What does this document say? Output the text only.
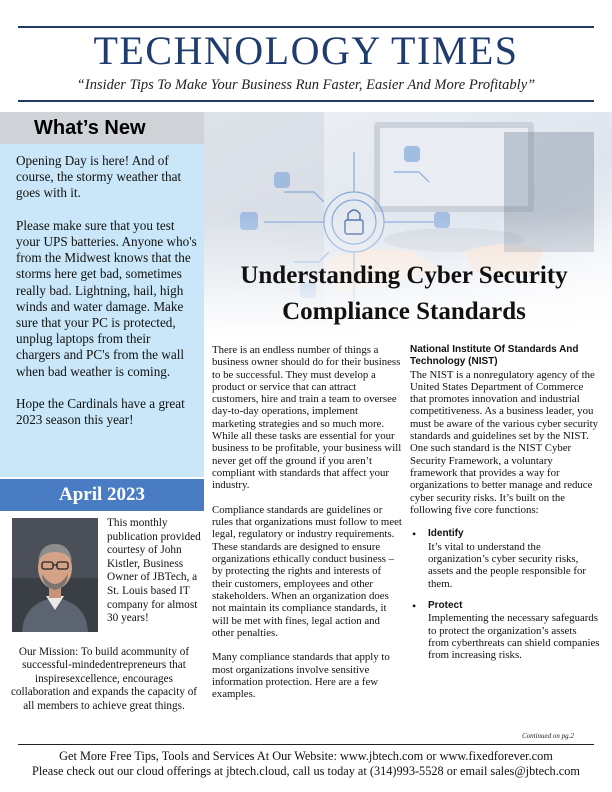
TECHNOLOGY TIMES
“Insider Tips To Make Your Business Run Faster, Easier And More Profitably”
What’s New

Opening Day is here! And of course, the stormy weather that goes with it.

Please make sure that you test your UPS batteries. Anyone who's from the Midwest knows that the storms here get bad, sometimes really bad. Lightning, hail, high winds and water damage. Make sure that your PC is protected, unplug laptops from their chargers and PC's from the wall when bad weather is coming.

Hope the Cardinals have a great 2023 season this year!

April 2023
This monthly publication provided courtesy of John Kistler, Business Owner of JBTech, a St. Louis based IT company for almost 30 years!
Our Mission: To build acommunity of successful-mindedentrepreneurs that inspiresexcellence, encourages collaboration and expands the capacity of all members to achieve great things.
Understanding Cyber Security
Compliance Standards

There is an endless number of things a business owner should do for their business to be successful. They must develop a product or service that can attract customers, hire and train a team to oversee day-to-day operations, implement marketing strategies and so much more. While all these tasks are essential for your business to be profitable, your business will never get off the ground if you aren’t compliant with standards that affect your industry.

Compliance standards are guidelines or rules that organizations must follow to meet legal, regulatory or industry requirements. These standards are designed to ensure organizations ethically conduct business – by protecting the rights and interests of their customers, employees and other stakeholders. When an organization does not maintain its compliance standards, it will be met with fines, legal action and other penalties.

Many compliance standards that apply to most organizations involve sensitive information protection. Here are a few examples.

National Institute Of Standards And Technology (NIST)

The NIST is a nonregulatory agency of the United States Department of Commerce that promotes innovation and industrial competitiveness. As a business leader, you must be aware of the various cyber security standards and guidelines set by the NIST. One such standard is the NIST Cyber Security Framework, a voluntary framework that provides a way for organizations to better manage and reduce cyber security risks. It’s built on the following five core functions:

• Identify
It’s vital to understand the organization’s cyber security risks, assets and the people responsible for them.
• Protect
Implementing the necessary safeguards to protect the organization’s assets from cyberthreats can shield companies from increasing risks.
Continued on pg.2
Get More Free Tips, Tools and Services At Our Website: www.jbtech.com or www.fixedforever.com
Please check out our cloud offerings at jbtech.cloud, call us today at (314)993-5528 or email sales@jbtech.com
